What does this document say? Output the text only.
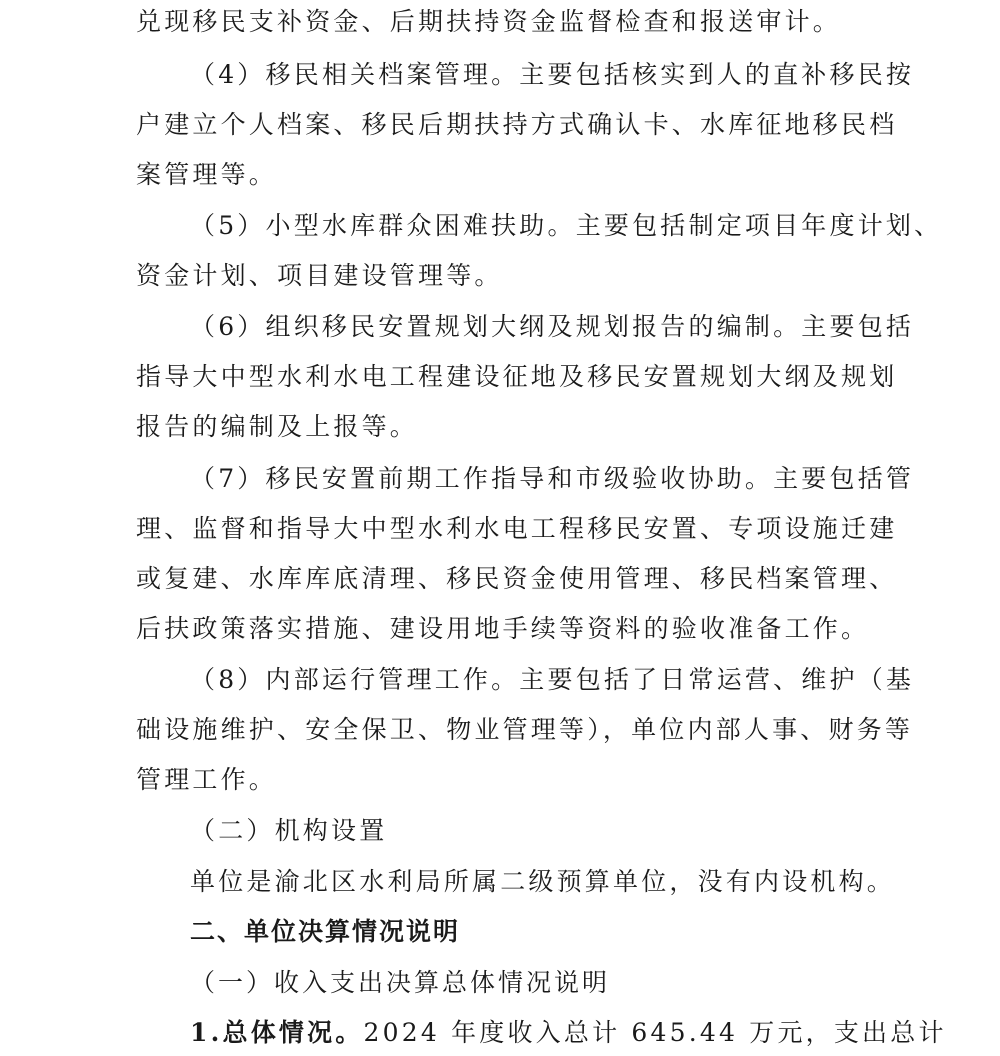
兑现移民支补资金、后期扶持资金监督检查和报送审计。
（4）移民相关档案管理。主要包括核实到人的直补移民按
户建立个人档案、移民后期扶持方式确认卡、水库征地移民档
案管理等。
（5）小型水库群众困难扶助。主要包括制定项目年度计划、
资金计划、项目建设管理等。
（6）组织移民安置规划大纲及规划报告的编制。主要包括
指导大中型水利水电工程建设征地及移民安置规划大纲及规划
报告的编制及上报等。
（7）移民安置前期工作指导和市级验收协助。主要包括管
理、监督和指导大中型水利水电工程移民安置、专项设施迁建
或复建、水库库底清理、移民资金使用管理、移民档案管理、
后扶政策落实措施、建设用地手续等资料的验收准备工作。
（8）内部运行管理工作。主要包括了日常运营、维护（基
础设施维护、安全保卫、物业管理等），单位内部人事、财务等
管理工作。
（二）机构设置
单位是渝北区水利局所属二级预算单位，没有内设机构。
二、单位决算情况说明
（一）收入支出决算总体情况说明
1.总体情况。2024 年度收入总计 645.44 万元，支出总计
